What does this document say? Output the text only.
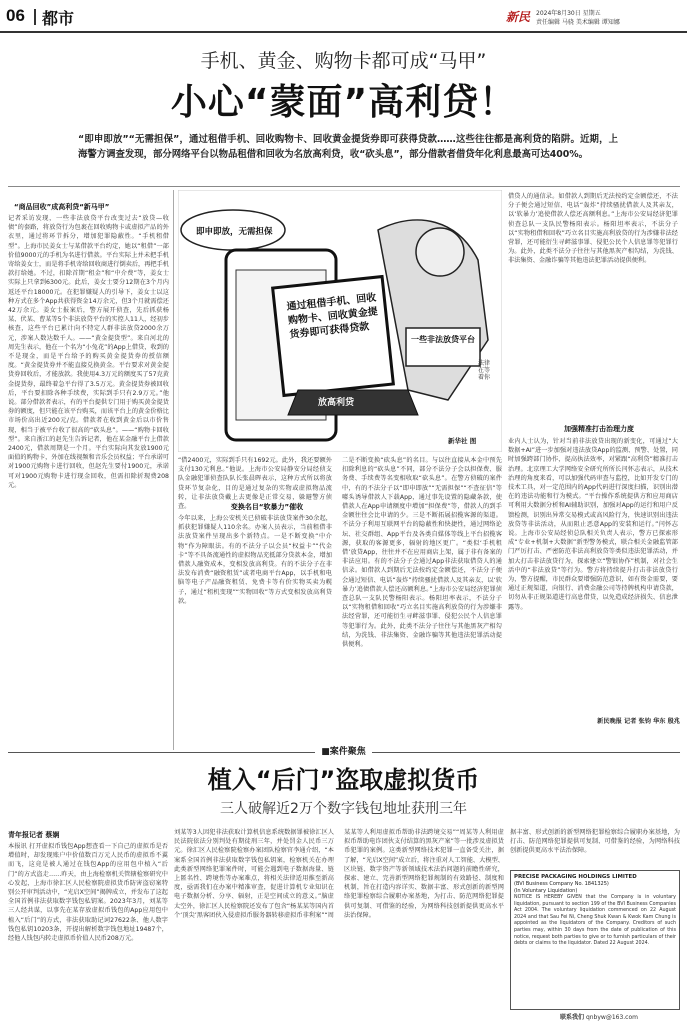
06 都市	新民 2024年8月30日 星期五
责任编辑 马骁 美术编辑 谭知娜
手机、黄金、购物卡都可成“马甲”
小心“蒙面”高利贷！
“即申即放”“无需担保”，通过租借手机、回收购物卡、回收黄金提货券即可获得贷款……这些往往都是高利贷的陷阱。近期，上海警方调查发现，部分网络平台以物品租借和回收为名放高利贷，收“砍头息”，部分借款者借贷年化利息最高可达400%。
“商品回收”成高利贷“新马甲”
记者采访发现，一些非法放贷平台改变过去“放贷—收债”的套路，将放贷行为包裹在回收购物卡或虚拟产品的外衣里，通过将环节拆分，增加犯罪隐蔽性。“手机租借型”。上海市民姜女士与某借款平台约定，她以“租借”一部价值9000元的手机为名进行借款。平台实际上并未把手机寄给姜女士，而是将手机寄给回收商进行倒卖后，再把手机款打给她。不过，扣除首期“租金”和“中介费”等，姜女士实际上只拿到6300元。此后，姜女士要分12期在3个月内返还平台18000元。在犯罪嫌疑人的引导下，姜女士以这种方式在多个App共获得资金14万余元，但3个月就需偿还42万余元。姜女士报案后，警方展开侦查，先后抓获杨某、伏某、曹某等5个非法放贷平台的实控人11人，经初步核查，这些平台已累计向不特定人群非法放贷2000余万元，涉案人数达数千人。——“黄金提货型”。来自河北的周先生表示，他在一个名为“小兔花”的App上借贷，收到的不是现金，而是平台给予的购买黄金提货券的授信额度。“黄金提货券并不能直接兑换黄金。平台要求对黄金提货券回收后，才能放款。我使用4.3万元的额度买了57克黄金提货券，最终着急平台得了3.5万元。黄金提货券被回收后，平台要扣除各种手续费，实际到手只有2.9万元。”他说。部分借款者表示，有的平台提供专门用于购买黄金提货券的额度，但只能在该平台购买，而该平台上的黄金价格比市场价高出近200元/克。借款者在收到黄金后以市价售现，相当于被平台收了很高的“砍头息”。——“购物卡回收型”。来自浙江的赵先生告诉记者，他在某金融平台上借款2400元，借款周期是一个月。平台实际向其发放1900元面值的购物卡，外加在线视频和音乐会员权益；平台承诺可对1900元购物卡进行回收，但赵先生要付1900元，承诺可对1900元购物卡进行现金回收，但需扣除折现费208元。
即申即放，无需担保
通过租借手机、回收购物卡、回收黄金提货券即可获得贷款	一些非法放贷平台
放高利贷
法律在等着你
新华社 图
“借2400元，实际到手只有1692元。此外，我还要额外支付130元利息。”他说。上海市公安局静安分局经侦支队金融犯罪侦查队队长张晨晖表示，这种方式所以将放贷环节复杂化，目的是通过复杂的实物或虚拟物品流转，让非法放贷戴上去更像是正常交易，躲避警方侦查。	变换名目“软暴力”催收
今年以来，上海公安机关已侦破非法放贷案件30余起，抓获犯罪嫌疑人110余名。办案人员表示，当前租借非法放贷案件呈现出多个新特点。一是不断变换“中介物”作为障眼法。有的不法分子以会员“权益卡”“代金卡”等不具备流通性的虚拟物品充抵部分贷款本金，增加借款人融资成本，变相发放高利贷。有的不法分子在非法发布消费“融资租赁”或者电商平台App，以手机和电脑等电子产品融资租赁、免费卡等有价实物买卖为幌子，通过“租机变现”“实物回收”等方式变相发放高利贷款。
二是不断变换“砍头息”的名目。与以往直接从本金中预先扣除利息的“砍头息”不同，部分不法分子会以担保费、服务费、手续费等名变相收取“砍头息”。在警方侦破的案件中，有的不法分子以“即申即放”“无需担保”“不查征信”等噱头诱导借款人下载App，通过事先设置的隐藏条款，使借款人在App申请额度中增加“担保费”等，借款人的到手金额往往会比申请的少。三是不断拓展招揽客源的渠道。不法分子利用互联网平台的隐蔽性和快捷性，通过网络论坛、社交群组、App平台及各类自媒体等线上平台招揽客源，获取的客源更多，辐射的地区更广。“类似‘手机租借’放贷App，往往并不在应用商店上架，属于非有备案的非法应用。有的不法分子会通过App非法获取借贷人的通信录。如借款人到期后无法按约定金额偿还，不法分子便会通过短信、电话“轰炸”持续骚扰借款人及其亲友，以‘软暴力’追债借款人偿还高额利息。”上海市公安局经济犯罪侦查总队一支队民警杨阳表示。杨阳坦率表示，不法分子以“实物租借和回收”巧立名目实施高利放贷的行为涉嫌非法经营罪，还可能衍生寻衅滋事罪、侵犯公民个人信息罪等犯罪行为。此外，此类不法分子往往与其他黑灰产相勾结，为洗钱、非法集资、金融诈骗等其他违法犯罪活动提供便利。
借贷人的通信录。如借款人到期后无法按约定金额偿还，不法分子便会通过短信、电话“轰炸”持续骚扰借款人及其亲友，以‘软暴力’追使借款人偿还高额利息。”上海市公安局经济犯罪侦查总队一支队民警杨阳表示。杨阳坦率表示，不法分子以“实物租借和回收”巧立名目实施高利放贷的行为涉嫌非法经营罪，还可能衍生寻衅滋事罪、侵犯公民个人信息罪等犯罪行为。此外，此类不法分子往往与其他黑灰产相勾结，为洗钱、非法集资、金融诈骗等其他违法犯罪活动提供便利。
加强精准打击治理力度
业内人士认为，针对当前非法放贷出现的新变化，可通过“大数据+AI”进一步加强对违法放贷App的监测、预警、处置，同时加强跨部门协作，提高执法效率，对紧跟“高利贷”精准打击治理。北京理工大学网络安全研究所所长闫怀志表示，从技术治理的角度来看，可以加强代码审查与监控，比如开发专门的技术工具，对一定范围内的App代码进行深度扫描，识别出潜在的违法功能和行为模式。“平台操作系统提供方和应用商店可利用大数据分析和AI辅助识别，加强对App的运行和用户反馈检测，识别出异常交易模式或高风险行为，快速识别出违法放贷等非法活动，从而阻止恶意App的安装和运行。”闫怀志说。上海市公安局经侦总队相关负责人表示，警方已探索形成“专业+机制+大数据”新型警务模式，联合相关金融监管部门严厉打击、严密防范非法高利放贷等类似违法犯罪活动，并加大打击非法放贷行为，探索建立“警银协作”机制，对社会生活中的“非法放贷”等行为。警方将持续提升打击非法放贷行为，警方提醒，市民群众要增强防范意识，如有资金需要，要通过正规渠道，向银行、消费金融公司等持牌机构申请贷款，切勿从非正规渠道进行高息借贷，以免造成经济损失、信息泄露等。
新民晚报 记者 张钧 华东 殷兆
■案件聚焦
植入“后门”盗取虚拟货币
三人破解近2万个数字钱包地址获刑三年
青年报记者 蔡娴
本报讯 打开虚拟币钱包App想查看一下自己的虚拟币是否增值时，却发现账户中价值数百万元人民币的虚拟币不翼而飞，这竟是被人通过在钱包App的应用包中植入“后门”的方式盗走……昨天，由上海检察机关管辖检察研究中心发起，上海市徐汇区人民检察院虚拟货币防害盗窃案特别公开审判活动中，“光启X空间”揭牌成立，并发布了这起全国首例非法获取数字钱包私钥案。2023年3月，刘某等三人经共谋，以事先在某存放虚拟币钱包的App应用包中植入“后门”的方式，非法获取助记词27622条、他人数字钱包私钥10203条，开提出解析数字钱包地址19487个，经他人钱包内转走虚拟币价值人民币208万元。
刘某等3人因犯非法获取计算机信息系统数据罪被徐汇区人民法院依法分别判处有期徒刑三年，并处罚金人民币三万元。徐汇区人民检察院检察办案团队检察官李通介绍，“本案系全国首例非法获取数字钱包私钥案，检察机关在办理此类新型网络犯罪案件时，可能会遇到电子数据海量、链上匿名性、跨境性等办案难点，将相关法律适用推至新高度，亟需我们在办案中精准审查，促进计算机专业知识在电子数据分析、分享、辐射，正是空间成立的意义。”脑虚太空外，徐汇区人民检察院还发布了包含“杨某某等国内首个‘顶尖’黑客团伙入侵虚拟币服务器转移虚拟币非利案”“周某某等人利用虚拟币帮助非法跨境交易”“周某等人利用虚拟币帮助电诈团伙支付结算的黑灰产案”等一批涉及虚拟货币犯罪的案例。这类新型网络技术犯罪一直备受关注，据了解，“光启X空间”成立后，将注重对人工智能、大模型、区块链、数字资产等新领域技术法治问题的前瞻性研究，探索、建立、完善新型网络犯罪规制的有效路径、制度和机制，旨在打造内容详实、数据丰富、形式创新的新型网络犯罪检察综合履职办案基地，为打击、防范网络犯罪提供可复制、可借鉴的经验，为网络科技创新提供更高水平法治保障。
PRECISE PACKAGING HOLDINGS LIMITED
(BVI Business Company No. 1841325)
(In Voluntary Liquidation)
NOTICE IS HEREBY GIVEN that the Company is in voluntary liquidation, pursuant to section 199 of the BVI Business Companies Act 2004. The voluntary liquidation commenced on 22 August 2024 and that Sau Fei Ni, Cheng Shuk Kwan & Kwok Kam Chung is appointed as the liquidators of the Company. Creditors of such parties may, within 30 days from the date of publication of this notice, request both parties to give or to furnish particulars of their debts or claims to the liquidator. Dated 22 August 2024.
据丰富、形式创新的新型网络犯罪检察综合履职办案基地，为打击、防范网络犯罪提供可复制、可借鉴的经验，为网络科技创新提供更高水平法治保障。
联系我们 qnbyw@163.com
